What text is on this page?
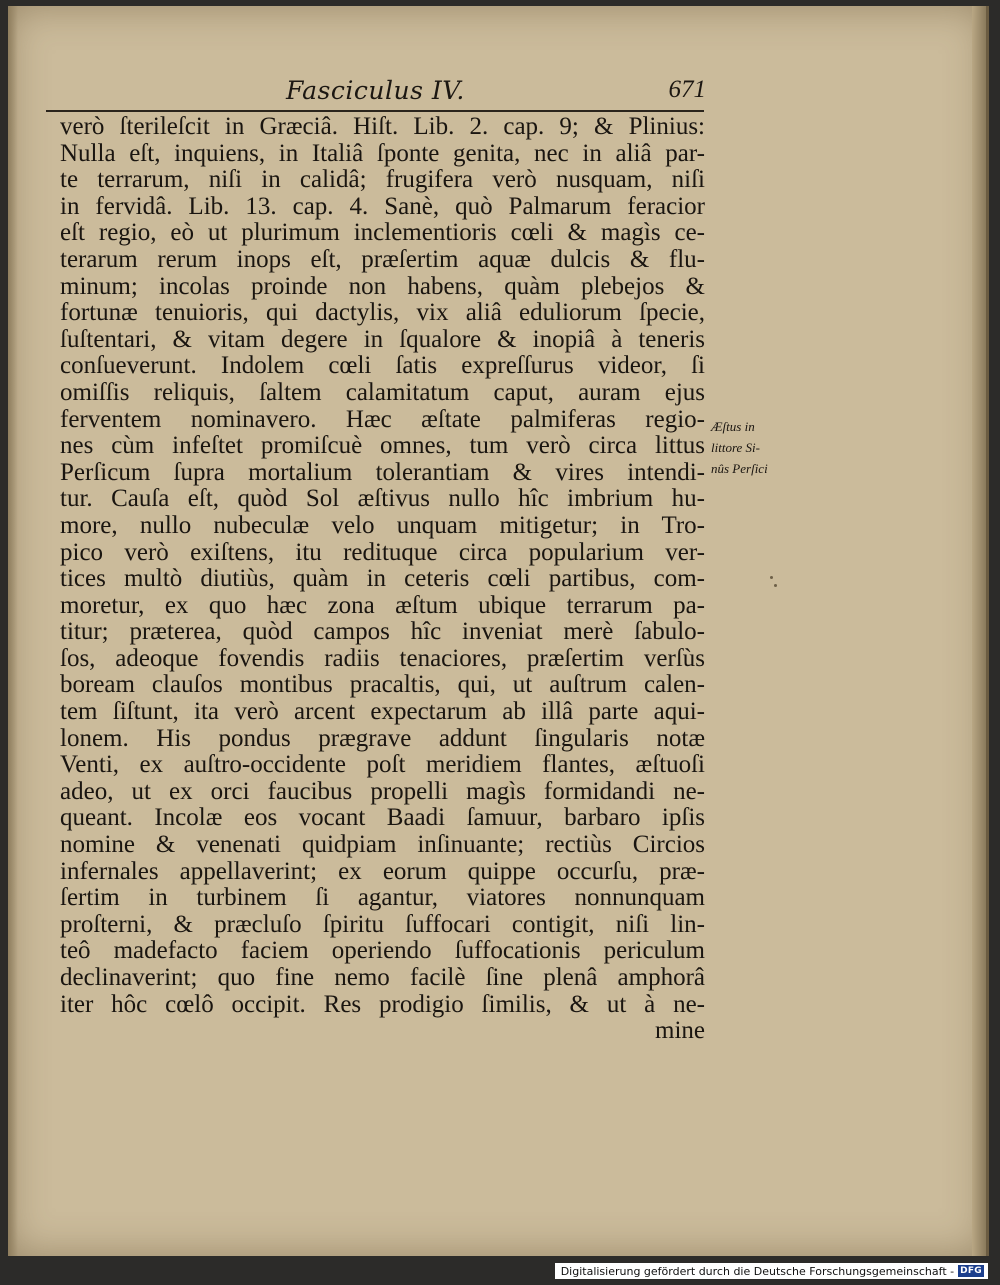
Fasciculus IV.	671
verò ſterileſcit in Græciâ. Hiſt. Lib. 2. cap. 9; & Plinius:
Nulla eſt, inquiens, in Italiâ ſponte genita, nec in aliâ par-
te terrarum, niſi in calidâ; frugifera verò nusquam, niſi
in fervidâ. Lib. 13. cap. 4. Sanè, quò Palmarum feracior
eſt regio, eò ut plurimum inclementioris cœli & magìs ce-
terarum rerum inops eſt, præſertim aquæ dulcis & flu-
minum; incolas proinde non habens, quàm plebejos &
fortunæ tenuioris, qui dactylis, vix aliâ eduliorum ſpecie,
ſuſtentari, & vitam degere in ſqualore & inopiâ à teneris
conſueverunt. Indolem cœli ſatis expreſſurus videor, ſi
omiſſis reliquis, ſaltem calamitatum caput, auram ejus
ferventem nominavero. Hæc æſtate palmiferas regio-
nes cùm infeſtet promiſcuè omnes, tum verò circa littus
Perſicum ſupra mortalium tolerantiam & vires intendi-
tur. Cauſa eſt, quòd Sol æſtivus nullo hîc imbrium hu-
more, nullo nubeculæ velo unquam mitigetur; in Tro-
pico verò exiſtens, itu redituque circa popularium ver-
tices multò diutiùs, quàm in ceteris cœli partibus, com-
moretur, ex quo hæc zona æſtum ubique terrarum pa-
titur; præterea, quòd campos hîc inveniat merè ſabulo-
ſos, adeoque fovendis radiis tenaciores, præſertim verſùs
boream clauſos montibus pracaltis, qui, ut auſtrum calen-
tem ſiſtunt, ita verò arcent expectarum ab illâ parte aqui-
lonem. His pondus prægrave addunt ſingularis notæ
Venti, ex auſtro-occidente poſt meridiem flantes, æſtuoſi
adeo, ut ex orci faucibus propelli magìs formidandi ne-
queant. Incolæ eos vocant Baadi ſamuur, barbaro ipſis
nomine & venenati quidpiam inſinuante; rectiùs Circios
infernales appellaverint; ex eorum quippe occurſu, præ-
ſertim in turbinem ſi agantur, viatores nonnunquam
proſterni, & præcluſo ſpiritu ſuffocari contigit, niſi lin-
teô madefacto faciem operiendo ſuffocationis periculum
declinaverint; quo fine nemo facilè ſine plenâ amphorâ
iter hôc cœlô occipit. Res prodigio ſimilis, & ut à ne-
mine
Æſtus in
littore Si-
nûs Perſici
Digitalisierung gefördert durch die Deutsche Forschungsgemeinschaft - DFG
